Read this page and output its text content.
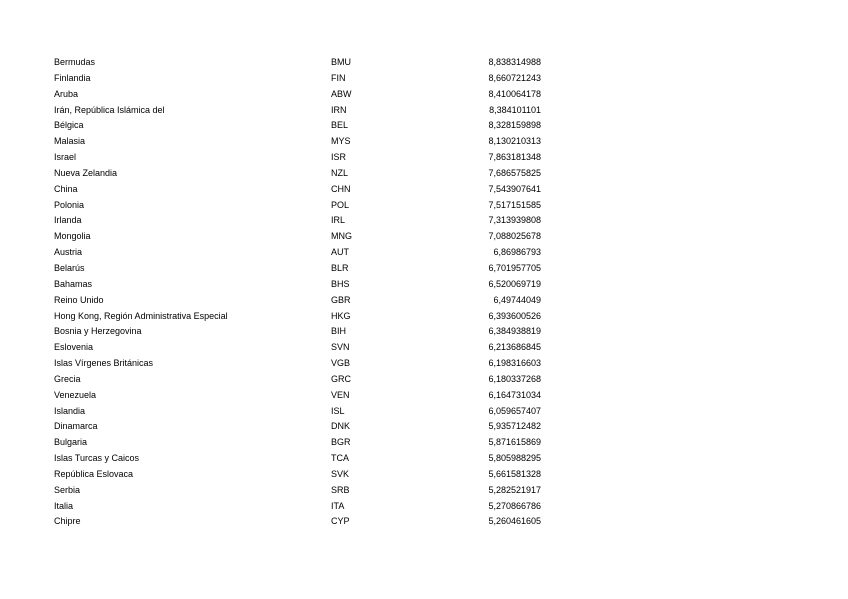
Bermudas	BMU	8,838314988
Finlandia	FIN	8,660721243
Aruba	ABW	8,410064178
Irán, República Islámica del	IRN	8,384101101
Bélgica	BEL	8,328159898
Malasia	MYS	8,130210313
Israel	ISR	7,863181348
Nueva Zelandia	NZL	7,686575825
China	CHN	7,543907641
Polonia	POL	7,517151585
Irlanda	IRL	7,313939808
Mongolia	MNG	7,088025678
Austria	AUT	6,86986793
Belarús	BLR	6,701957705
Bahamas	BHS	6,520069719
Reino Unido	GBR	6,49744049
Hong Kong, Región Administrativa Especial	HKG	6,393600526
Bosnia y Herzegovina	BIH	6,384938819
Eslovenia	SVN	6,213686845
Islas Vírgenes Británicas	VGB	6,198316603
Grecia	GRC	6,180337268
Venezuela	VEN	6,164731034
Islandia	ISL	6,059657407
Dinamarca	DNK	5,935712482
Bulgaria	BGR	5,871615869
Islas Turcas y Caicos	TCA	5,805988295
República Eslovaca	SVK	5,661581328
Serbia	SRB	5,282521917
Italia	ITA	5,270866786
Chipre	CYP	5,260461605
